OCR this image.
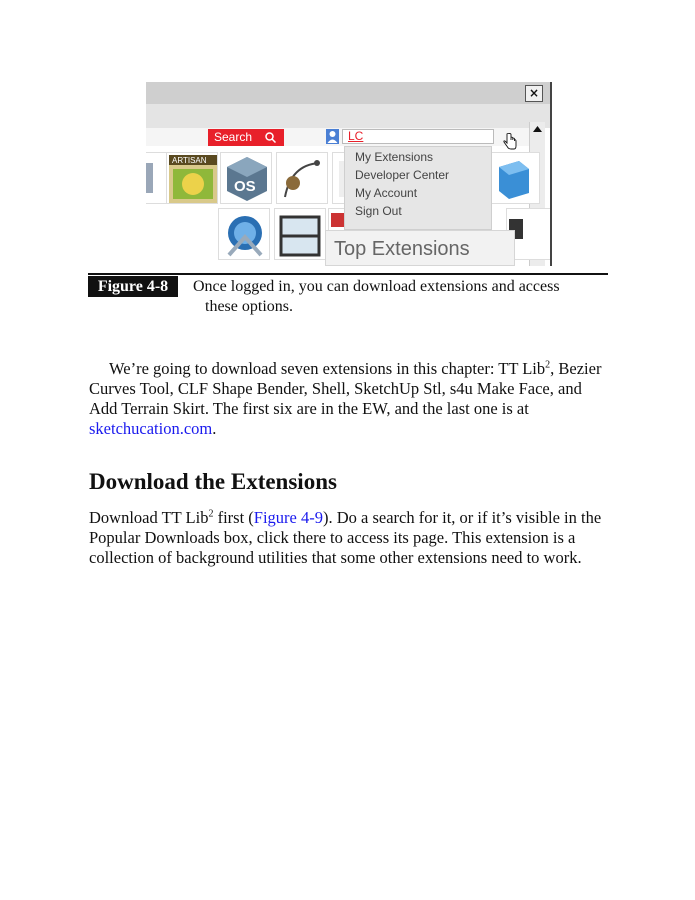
×
Search	LC
ARTISAN
OS
My Extensions
Developer Center
My Account
Sign Out
Top Extensions
Figure 4-8	Once logged in, you can download extensions and access
these options.

We’re going to download seven extensions in this chapter: TT Lib$^2$, Bezier Curves Tool, CLF Shape Bender, Shell, SketchUp Stl, s4u Make Face, and Add Terrain Skirt. The first six are in the EW, and the last one is at sketchucation.com.

Download the Extensions

Download TT Lib$^2$ first (Figure 4-9). Do a search for it, or if it’s visible in the Popular Downloads box, click there to access its page. This extension is a collection of background utilities that some other extensions need to work.
